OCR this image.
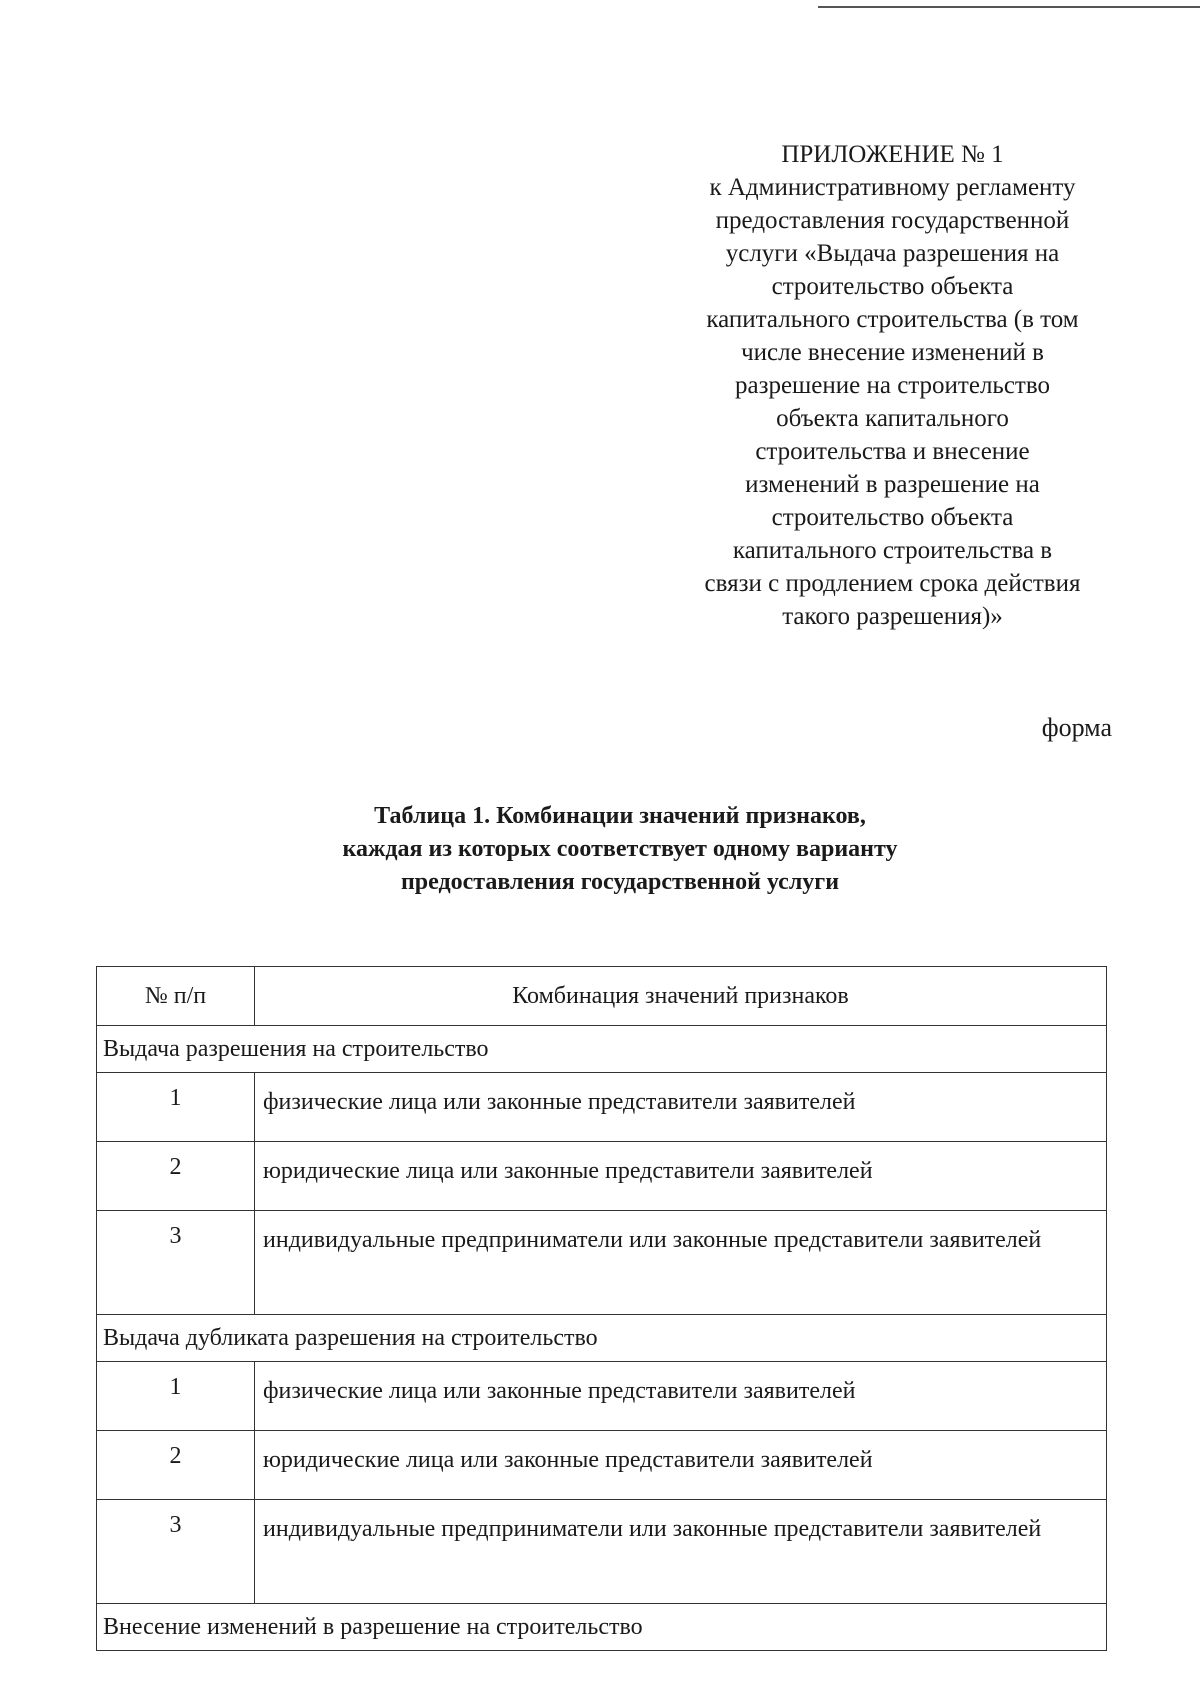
ПРИЛОЖЕНИЕ № 1
к Административному регламенту
предоставления государственной
услуги «Выдача разрешения на
строительство объекта
капитального строительства (в том
числе внесение изменений в
разрешение на строительство
объекта капитального
строительства и внесение
изменений в разрешение на
строительство объекта
капитального строительства в
связи с продлением срока действия
такого разрешения)»
форма
Таблица 1. Комбинации значений признаков,
каждая из которых соответствует одному варианту
предоставления государственной услуги
№ п/п	Комбинация значений признаков
Выдача разрешения на строительство	
1	физические лица или законные представители заявителей
2	юридические лица или законные представители заявителей
3	индивидуальные предприниматели или законные представители заявителей
Выдача дубликата разрешения на строительство	
1	физические лица или законные представители заявителей
2	юридические лица или законные представители заявителей
3	индивидуальные предприниматели или законные представители заявителей
Внесение изменений в разрешение на строительство	
